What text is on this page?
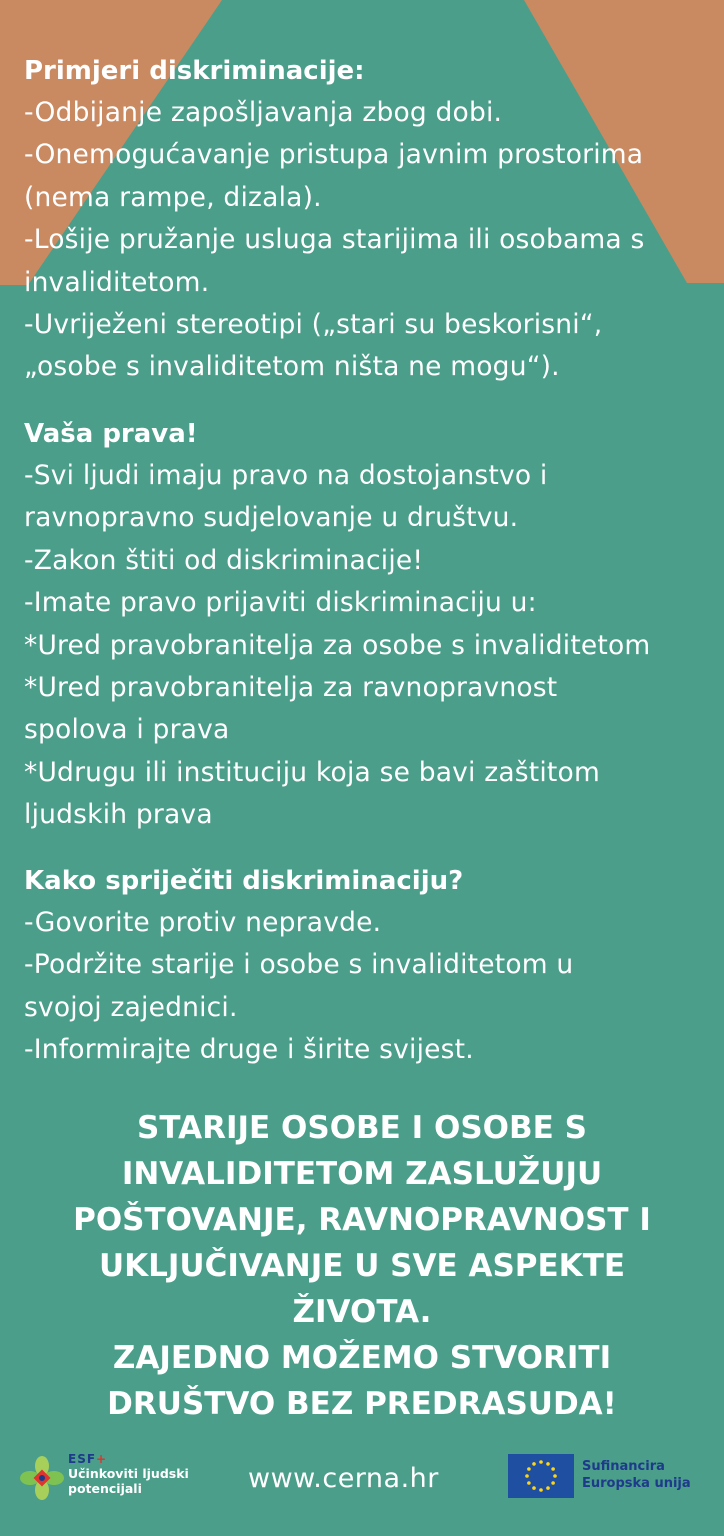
Primjeri diskriminacije:

-Odbijanje zapošljavanja zbog dobi.

-Onemogućavanje pristupa javnim prostorima

(nema rampe, dizala).

-Lošije pružanje usluga starijima ili osobama s

invaliditetom.

-Uvriježeni stereotipi („stari su beskorisni“,

„osobe s invaliditetom ništa ne mogu“).

Vaša prava!

-Svi ljudi imaju pravo na dostojanstvo i

ravnopravno sudjelovanje u društvu.

-Zakon štiti od diskriminacije!

-Imate pravo prijaviti diskriminaciju u:

*Ured pravobranitelja za osobe s invaliditetom

*Ured pravobranitelja za ravnopravnost

spolova i prava

*Udrugu ili instituciju koja se bavi zaštitom

ljudskih prava

Kako spriječiti diskriminaciju?

-Govorite protiv nepravde.

-Podržite starije i osobe s invaliditetom u

svojoj zajednici.

-Informirajte druge i širite svijest.

STARIJE OSOBE I OSOBE S
INVALIDITETOM ZASLUŽUJU
POŠTOVANJE, RAVNOPRAVNOST I
UKLJUČIVANJE U SVE ASPEKTE
ŽIVOTA.
ZAJEDNO MOŽEMO STVORITI
DRUŠTVO BEZ PREDRASUDA!
ESF+
Učinkoviti ljudski
potencijali	www.cerna.hr	Sufinancira
Europska unija
